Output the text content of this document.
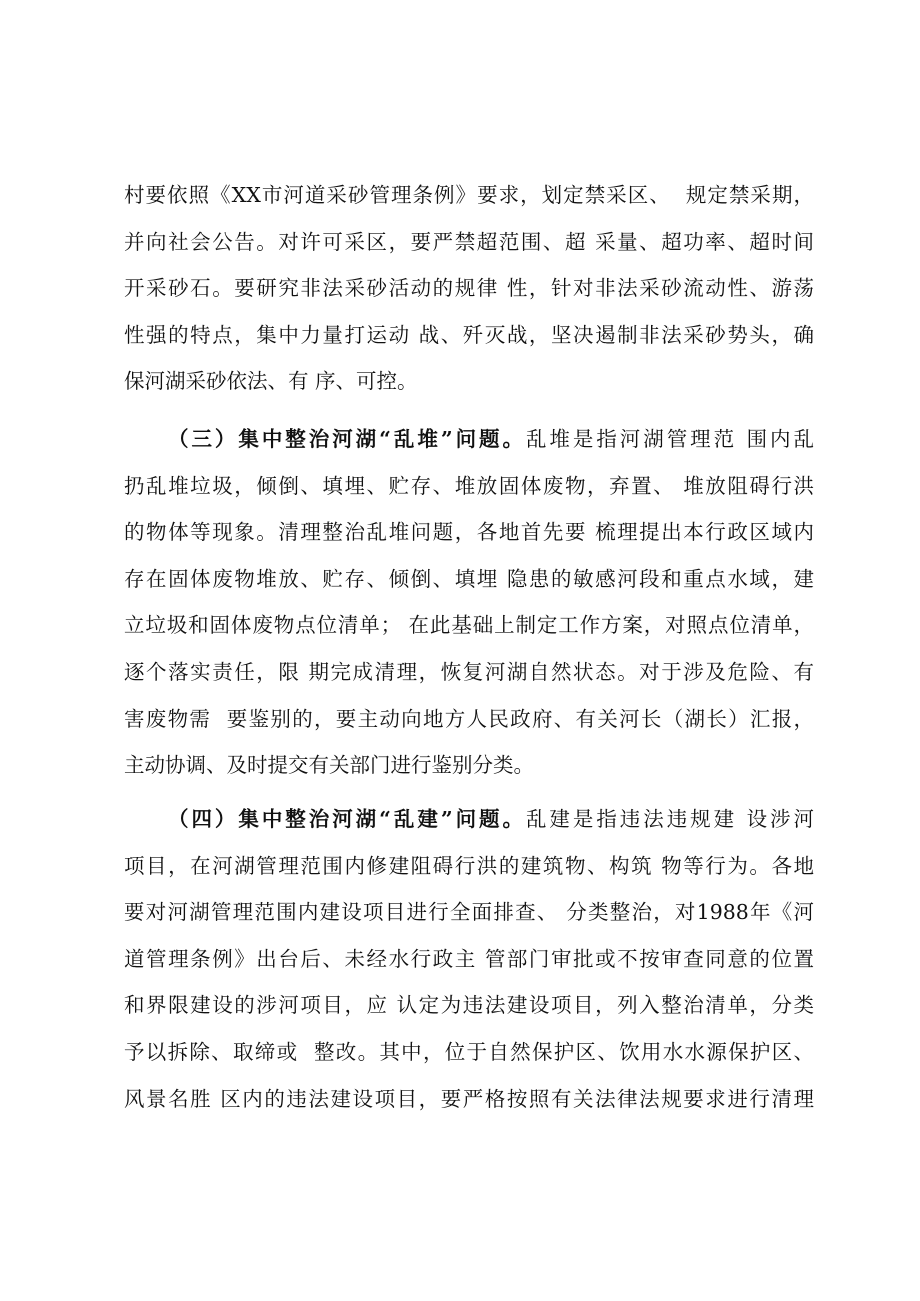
村要依照《XX市河道采砂管理条例》要求，划定禁采区、  规定禁采期，
并向社会公告。对许可采区，要严禁超范围、超 采量、超功率、超时间
开采砂石。要研究非法采砂活动的规律 性，针对非法采砂流动性、游荡
性强的特点，集中力量打运动 战、歼灭战，坚决遏制非法采砂势头，确
保河湖采砂依法、有 序、可控。
（三）集中整治河湖“乱堆”问题。乱堆是指河湖管理范 围内乱
扔乱堆垃圾，倾倒、填埋、贮存、堆放固体废物，弃置、 堆放阻碍行洪
的物体等现象。清理整治乱堆问题，各地首先要 梳理提出本行政区域内
存在固体废物堆放、贮存、倾倒、填埋 隐患的敏感河段和重点水域，建
立垃圾和固体废物点位清单； 在此基础上制定工作方案，对照点位清单，
逐个落实责任，限 期完成清理，恢复河湖自然状态。对于涉及危险、有
害废物需  要鉴别的，要主动向地方人民政府、有关河长（湖长）汇报，
主动协调、及时提交有关部门进行鉴别分类。
（四）集中整治河湖“乱建”问题。乱建是指违法违规建 设涉河
项目，在河湖管理范围内修建阻碍行洪的建筑物、构筑 物等行为。各地
要对河湖管理范围内建设项目进行全面排查、 分类整治，对1988年《河
道管理条例》出台后、未经水行政主 管部门审批或不按审查同意的位置
和界限建设的涉河项目，应 认定为违法建设项目，列入整治清单，分类
予以拆除、取缔或  整改。其中，位于自然保护区、饮用水水源保护区、
风景名胜 区内的违法建设项目，要严格按照有关法律法规要求进行清理
